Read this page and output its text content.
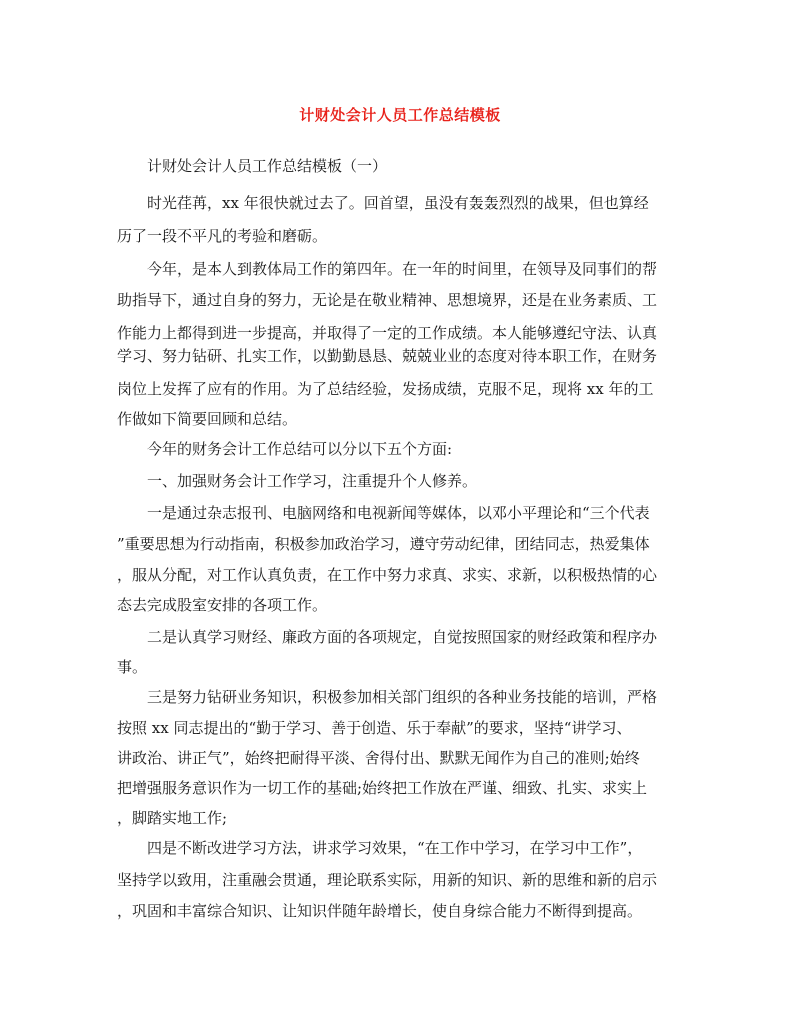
计财处会计人员工作总结模板
计财处会计人员工作总结模板（一）
时光荏苒，xx 年很快就过去了。回首望，虽没有轰轰烈烈的战果，但也算经
历了一段不平凡的考验和磨砺。
今年，是本人到教体局工作的第四年。在一年的时间里，在领导及同事们的帮
助指导下，通过自身的努力，无论是在敬业精神、思想境界，还是在业务素质、工
作能力上都得到进一步提高，并取得了一定的工作成绩。本人能够遵纪守法、认真
学习、努力钻研、扎实工作，以勤勤恳恳、兢兢业业的态度对待本职工作，在财务
岗位上发挥了应有的作用。为了总结经验，发扬成绩，克服不足，现将 xx 年的工
作做如下简要回顾和总结。
今年的财务会计工作总结可以分以下五个方面:
一、加强财务会计工作学习，注重提升个人修养。
一是通过杂志报刊、电脑网络和电视新闻等媒体，以邓小平理论和“三个代表
”重要思想为行动指南，积极参加政治学习，遵守劳动纪律，团结同志，热爱集体
，服从分配，对工作认真负责，在工作中努力求真、求实、求新，以积极热情的心
态去完成股室安排的各项工作。
二是认真学习财经、廉政方面的各项规定，自觉按照国家的财经政策和程序办
事。
三是努力钻研业务知识，积极参加相关部门组织的各种业务技能的培训，严格
按照 xx 同志提出的“勤于学习、善于创造、乐于奉献”的要求，坚持“讲学习、
讲政治、讲正气”，始终把耐得平淡、舍得付出、默默无闻作为自己的准则;始终
把增强服务意识作为一切工作的基础;始终把工作放在严谨、细致、扎实、求实上
，脚踏实地工作;
四是不断改进学习方法，讲求学习效果，“在工作中学习，在学习中工作”，
坚持学以致用，注重融会贯通，理论联系实际，用新的知识、新的思维和新的启示
，巩固和丰富综合知识、让知识伴随年龄增长，使自身综合能力不断得到提高。
